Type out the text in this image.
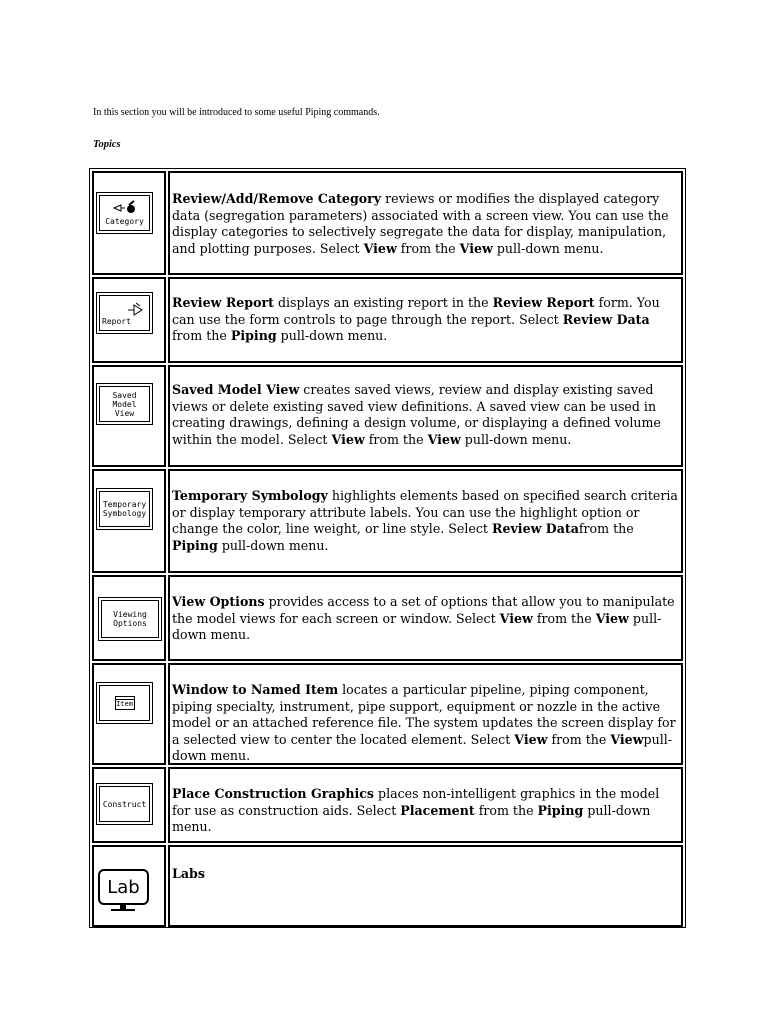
In this section you will be introduced to some useful Piping commands.
Topics
Category
Review/Add/Remove Category reviews or modifies the displayed category data (segregation parameters) associated with a screen view. You can use the display categories to selectively segregate the data for display, manipulation, and plotting purposes. Select View from the View pull-down menu.
Report
Review Report displays an existing report in the Review Report form. You can use the form controls to page through the report. Select Review Data from the Piping pull-down menu.
Saved
Model
View
Saved Model View creates saved views, review and display existing saved views or delete existing saved view definitions. A saved view can be used in creating drawings, defining a design volume, or displaying a defined volume within the model. Select View from the View pull-down menu.
Temporary
Symbology
Temporary Symbology highlights elements based on specified search criteria or display temporary attribute labels. You can use the highlight option or change the color, line weight, or line style. Select Review Datafrom the Piping pull-down menu.
Viewing
Options
View Options provides access to a set of options that allow you to manipulate the model views for each screen or window. Select View from the View pull-down menu.
Item
Window to Named Item locates a particular pipeline, piping component, piping specialty, instrument, pipe support, equipment or nozzle in the active model or an attached reference file. The system updates the screen display for a selected view to center the located element. Select View from the Viewpull-down menu.
Construct
Place Construction Graphics places non-intelligent graphics in the model for use as construction aids. Select Placement from the Piping pull-down menu.
Lab
Labs
